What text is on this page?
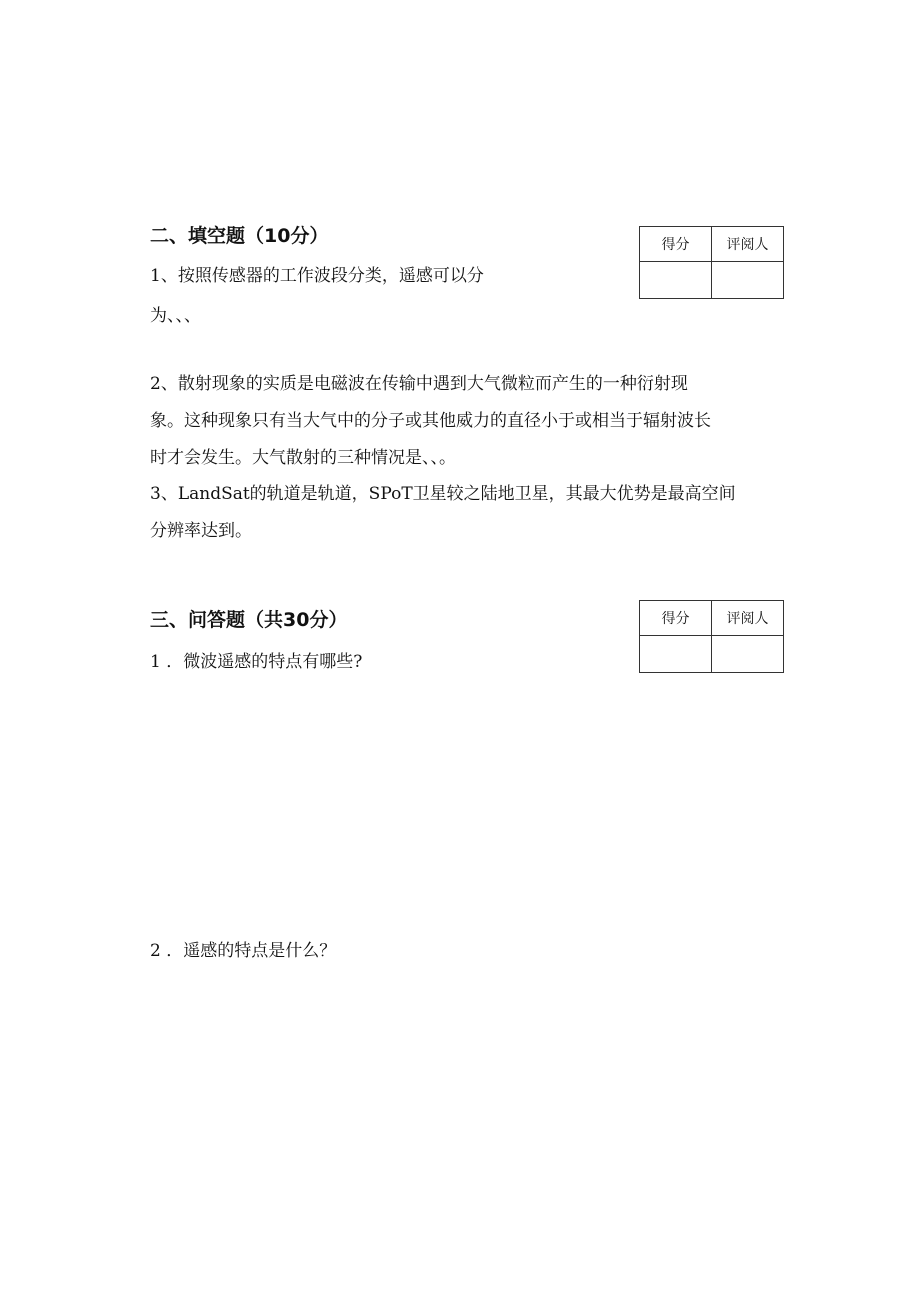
二、填空题（10分）	得分	评阅人

1、按照传感器的工作波段分类，遥感可以分
为、、、
2、散射现象的实质是电磁波在传输中遇到大气微粒而产生的一种衍射现
象。这种现象只有当大气中的分子或其他威力的直径小于或相当于辐射波长
时才会发生。大气散射的三种情况是、、。
3、LandSat的轨道是轨道，SPoT卫星较之陆地卫星，其最大优势是最高空间
分辨率达到。
三、问答题（共30分）	得分	评阅人

1 ．微波遥感的特点有哪些?
2 ．遥感的特点是什么？
